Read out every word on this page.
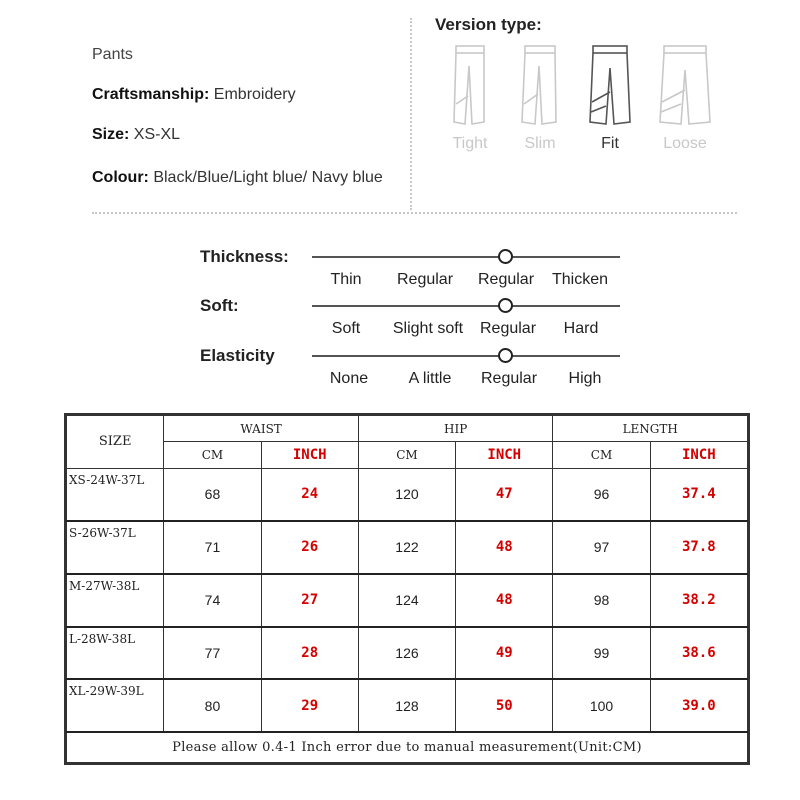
Pants
Craftsmanship: Embroidery
Size: XS-XL
Colour: Black/Blue/Light blue/ Navy blue
Version type:
Tight	Slim	Fit	Loose
Thickness:
Thin	Regular	Regular	Thicken
Soft:
Soft	Slight soft	Regular	Hard
Elasticity
None	A little	Regular	High
SIZE	WAIST		HIP		LENGTH	
	CM	INCH	CM	INCH	CM	INCH
XS-24W-37L	68	24	120	47	96	37.4
S-26W-37L	71	26	122	48	97	37.8
M-27W-38L	74	27	124	48	98	38.2
L-28W-38L	77	28	126	49	99	38.6
XL-29W-39L	80	29	128	50	100	39.0
Please allow 0.4-1 Inch error due to manual measurement(Unit:CM)						
